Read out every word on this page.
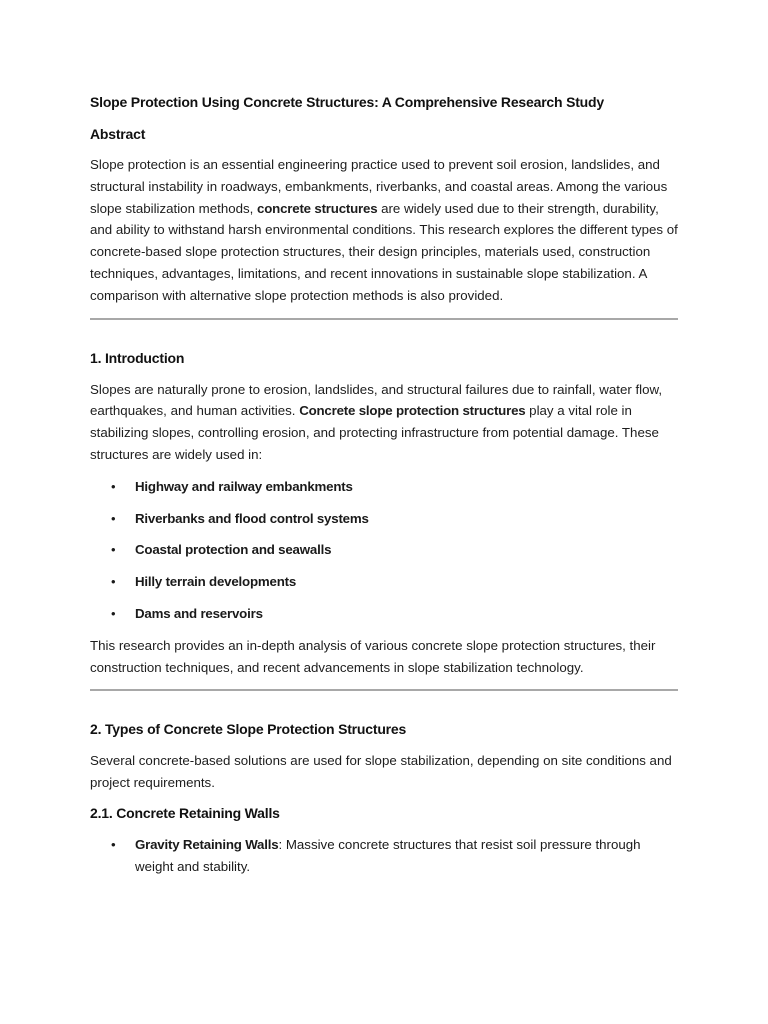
Slope Protection Using Concrete Structures: A Comprehensive Research Study
Abstract

Slope protection is an essential engineering practice used to prevent soil erosion, landslides, and structural instability in roadways, embankments, riverbanks, and coastal areas. Among the various slope stabilization methods, concrete structures are widely used due to their strength, durability, and ability to withstand harsh environmental conditions. This research explores the different types of concrete-based slope protection structures, their design principles, materials used, construction techniques, advantages, limitations, and recent innovations in sustainable slope stabilization. A comparison with alternative slope protection methods is also provided.

1. Introduction

Slopes are naturally prone to erosion, landslides, and structural failures due to rainfall, water flow, earthquakes, and human activities. Concrete slope protection structures play a vital role in stabilizing slopes, controlling erosion, and protecting infrastructure from potential damage. These structures are widely used in:

• Highway and railway embankments
• Riverbanks and flood control systems
• Coastal protection and seawalls
• Hilly terrain developments
• Dams and reservoirs

This research provides an in-depth analysis of various concrete slope protection structures, their construction techniques, and recent advancements in slope stabilization technology.

2. Types of Concrete Slope Protection Structures

Several concrete-based solutions are used for slope stabilization, depending on site conditions and project requirements.

2.1. Concrete Retaining Walls

• Gravity Retaining Walls: Massive concrete structures that resist soil pressure through weight and stability.
